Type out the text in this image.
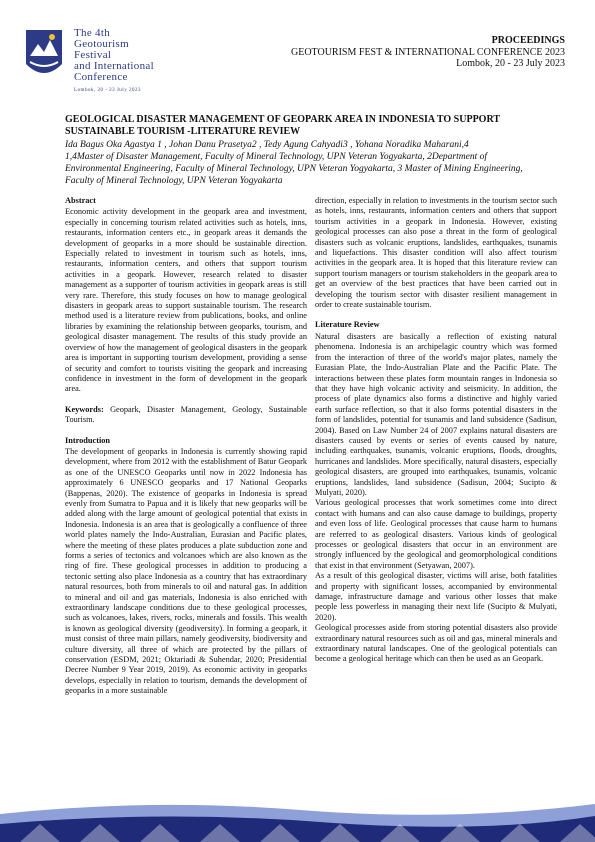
The 4th
Geotourism Festival
and International
Conference
Lombok, 20 - 23 July 2023
PROCEEDINGS
GEOTOURISM FEST & INTERNATIONAL CONFERENCE 2023
Lombok, 20 - 23 July 2023
GEOLOGICAL DISASTER MANAGEMENT OF GEOPARK AREA IN INDONESIA TO SUPPORT SUSTAINABLE TOURISM -LITERATURE REVIEW
Ida Bagus Oka Agastya 1 , Johan Danu Prasetya2 , Tedy Agung Cahyadi3 , Yohana Noradika Maharani,4
1,4Master of Disaster Management, Faculty of Mineral Technology, UPN Veteran Yogyakarta, 2Department of Environmental Engineering, Faculty of Mineral Technology, UPN Veteran Yogyakarta, 3 Master of Mining Engineering, Faculty of Mineral Technology, UPN Veteran Yogyakarta
Abstract

Economic activity development in the geopark area and investment, especially in concerning tourism related activities such as hotels, inns, restaurants, information centers etc., in geopark areas it demands the development of geoparks in a more should be sustainable direction. Especially related to investment in tourism such as hotels, inns, restaurants, information centers, and others that support tourism activities in a geopark. However, research related to disaster management as a supporter of tourism activities in geopark areas is still very rare. Therefore, this study focuses on how to manage geological disasters in geopark areas to support sustainable tourism. The research method used is a literature review from publications, books, and online libraries by examining the relationship between geoparks, tourism, and geological disaster management. The results of this study provide an overview of how the management of geological disasters in the geopark area is important in supporting tourism development, providing a sense of security and comfort to tourists visiting the geopark and increasing confidence in investment in the form of development in the geopark area.

Keywords: Geopark, Disaster Management, Geology, Sustainable Tourism.

Introduction

The development of geoparks in Indonesia is currently showing rapid development, where from 2012 with the establishment of Batur Geopark as one of the UNESCO Geoparks until now in 2022 Indonesia has approximately 6 UNESCO geoparks and 17 National Geoparks (Bappenas, 2020). The existence of geoparks in Indonesia is spread evenly from Sumatra to Papua and it is likely that new geoparks will be added along with the large amount of geological potential that exists in Indonesia. Indonesia is an area that is geologically a confluence of three world plates namely the Indo-Australian, Eurasian and Pacific plates, where the meeting of these plates produces a plate subduction zone and forms a series of tectonics and volcanoes which are also known as the ring of fire. These geological processes in addition to producing a tectonic setting also place Indonesia as a country that has extraordinary natural resources, both from minerals to oil and natural gas. In addition to mineral and oil and gas materials, Indonesia is also enriched with extraordinary landscape conditions due to these geological processes, such as volcanoes, lakes, rivers, rocks, minerals and fossils. This wealth is known as geological diversity (geodiversity). In forming a geopark, it must consist of three main pillars, namely geodiversity, biodiversity and culture diversity, all three of which are protected by the pillars of conservation (ESDM, 2021; Oktariadi & Suhendar, 2020; Presidential Decree Number 9 Year 2019, 2019). As economic activity in geoparks develops, especially in relation to tourism, demands the development of geoparks in a more sustainable

direction, especially in relation to investments in the tourism sector such as hotels, inns, restaurants, information centers and others that support tourism activities in a geopark in Indonesia. However, existing geological processes can also pose a threat in the form of geological disasters such as volcanic eruptions, landslides, earthquakes, tsunamis and liquefactions. This disaster condition will also affect tourism activities in the geopark area. It is hoped that this literature review can support tourism managers or tourism stakeholders in the geopark area to get an overview of the best practices that have been carried out in developing the tourism sector with disaster resilient management in order to create sustainable tourism.

Literature Review

Natural disasters are basically a reflection of existing natural phenomena. Indonesia is an archipelagic country which was formed from the interaction of three of the world's major plates, namely the Eurasian Plate, the Indo-Australian Plate and the Pacific Plate. The interactions between these plates form mountain ranges in Indonesia so that they have high volcanic activity and seismicity. In addition, the process of plate dynamics also forms a distinctive and highly varied earth surface reflection, so that it also forms potential disasters in the form of landslides, potential for tsunamis and land subsidence (Sadisun, 2004). Based on Law Number 24 of 2007 explains natural disasters are disasters caused by events or series of events caused by nature, including earthquakes, tsunamis, volcanic eruptions, floods, droughts, hurricanes and landslides. More specifically, natural disasters, especially geological disasters, are grouped into earthquakes, tsunamis, volcanic eruptions, landslides, land subsidence (Sadisun, 2004; Sucipto & Mulyati, 2020).

Various geological processes that work sometimes come into direct contact with humans and can also cause damage to buildings, property and even loss of life. Geological processes that cause harm to humans are referred to as geological disasters. Various kinds of geological processes or geological disasters that occur in an environment are strongly influenced by the geological and geomorphological conditions that exist in that environment (Setyawan, 2007).

As a result of this geological disaster, victims will arise, both fatalities and property with significant losses, accompanied by environmental damage, infrastructure damage and various other losses that make people less powerless in managing their next life (Sucipto & Mulyati, 2020).

Geological processes aside from storing potential disasters also provide extraordinary natural resources such as oil and gas, mineral minerals and extraordinary natural landscapes. One of the geological potentials can become a geological heritage which can then be used as an Geopark.
